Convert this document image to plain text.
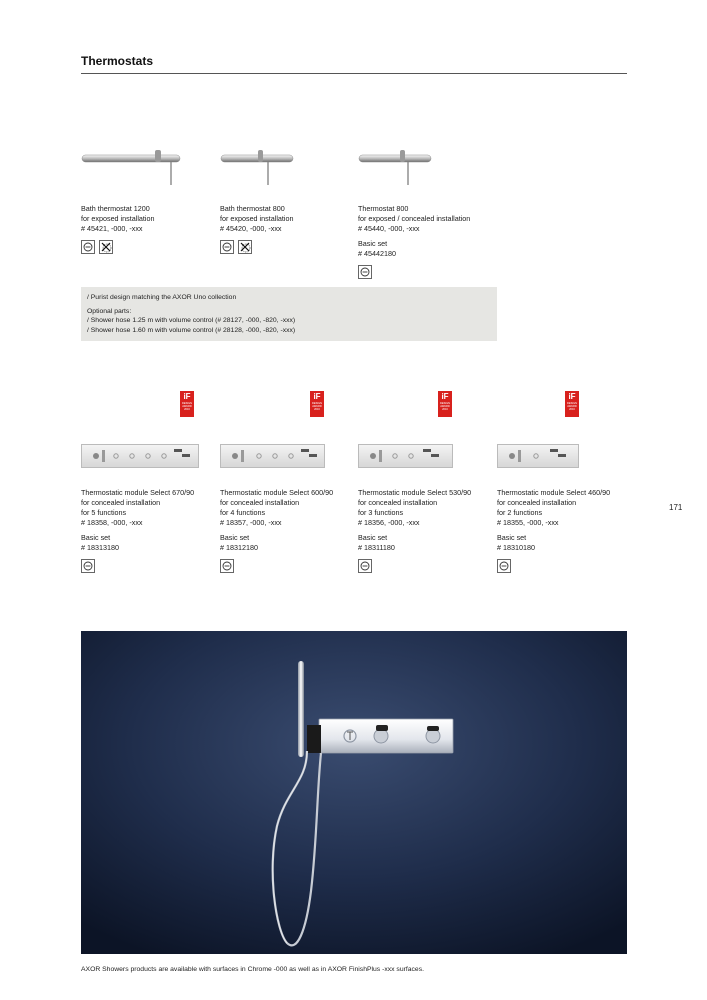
Thermostats
Bath thermostat 1200
for exposed installation
# 45421, -000, -xxx
Bath thermostat 800
for exposed installation
# 45420, -000, -xxx
Thermostat 800
for exposed / concealed installation
# 45440, -000, -xxx
Basic set
# 45442180
/ Purist design matching the AXOR Uno collection
Optional parts:
/ Shower hose 1.25 m with volume control (# 28127, -000, -820, -xxx)
/ Shower hose 1.60 m with volume control (# 28128, -000, -820, -xxx)
iF
DESIGN AWARD 2016
iF
DESIGN AWARD 2016
iF
DESIGN AWARD 2016
iF
DESIGN AWARD 2016
Thermostatic module Select 670/90
for concealed installation
for 5 functions
# 18358, -000, -xxx
Basic set
# 18313180
Thermostatic module Select 600/90
for concealed installation
for 4 functions
# 18357, -000, -xxx
Basic set
# 18312180
Thermostatic module Select 530/90
for concealed installation
for 3 functions
# 18356, -000, -xxx
Basic set
# 18311180
Thermostatic module Select 460/90
for concealed installation
for 2 functions
# 18355, -000, -xxx
Basic set
# 18310180
171
AXOR Showers products are available with surfaces in Chrome -000 as well as in AXOR FinishPlus -xxx surfaces.
